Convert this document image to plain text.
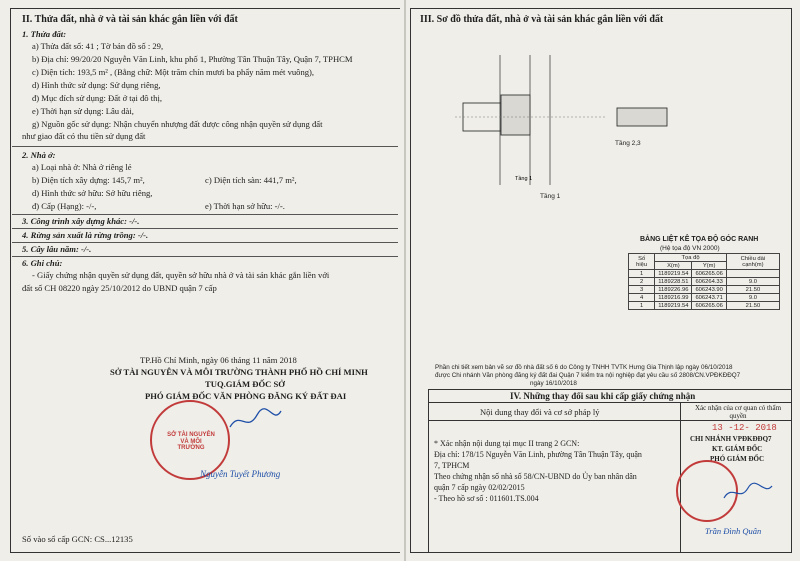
II. Thửa đất, nhà ở và tài sản khác gắn liền với đất
1. Thửa đất:
a) Thửa đất số: 41 ; Tờ bản đồ số : 29,
b) Địa chỉ: 99/20/20 Nguyễn Văn Linh, khu phố 1, Phường Tân Thuận Tây, Quận 7, TPHCM
c) Diện tích: 193,5 m² , (Bằng chữ: Một trăm chín mươi ba phẩy năm mét vuông),
d) Hình thức sử dụng: Sử dụng riêng,
đ) Mục đích sử dụng: Đất ở tại đô thị,
e) Thời hạn sử dụng: Lâu dài,
g) Nguồn gốc sử dụng: Nhận chuyển nhượng đất được công nhận quyền sử dụng đất
như giao đất có thu tiền sử dụng đất
2. Nhà ở:
a) Loại nhà ở: Nhà ở riêng lẻ
b) Diện tích xây dựng: 145,7 m²,	c) Diện tích sàn: 441,7 m²,
d) Hình thức sở hữu: Sở hữu riêng,
đ) Cấp (Hạng): -/-,	e) Thời hạn sở hữu: -/-.
3. Công trình xây dựng khác: -/-.
4. Rừng sản xuất là rừng trồng: -/-.
5. Cây lâu năm: -/-.
6. Ghi chú:
- Giấy chứng nhận quyền sử dụng đất, quyền sở hữu nhà ở và tài sản khác gắn liền với
đất số CH 08220 ngày 25/10/2012 do UBND quận 7 cấp
TP.Hồ Chí Minh, ngày 06 tháng 11 năm 2018
SỞ TÀI NGUYÊN VÀ MÔI TRƯỜNG THÀNH PHỐ HỒ CHÍ MINH
TUQ.GIÁM ĐỐC SỞ
PHÓ GIÁM ĐỐC VĂN PHÒNG ĐĂNG KÝ ĐẤT ĐAI
SỞ TÀI NGUYÊN VÀ MÔI TRƯỜNG
Nguyễn Tuyết Phương
Số vào sổ cấp GCN: CS...12135
III. Sơ đồ thửa đất, nhà ở và tài sản khác gắn liền với đất
Tầng 1
Tầng 1
Tầng 2,3
BẢNG LIỆT KÊ TỌA ĐỘ GÓC RANH
(Hệ tọa độ VN 2000)
Số hiệu	Tọa độ		Chiều dài cạnh(m)
	X(m)	Y(m)	
1	1189219.54	606265.06	
2	1189228.51	606264.33	9.0
3	1189226.96	606243.90	21.50
4	1189216.99	606243.71	9.0
1	1189219.54	606265.06	21.50
Phần chi tiết xem bản vẽ sơ đồ nhà đất số 6 do Công ty TNHH TVTK Hưng Gia Thịnh lập ngày 06/10/2018
được Chi nhánh Văn phòng đăng ký đất đai Quận 7 kiểm tra nội nghiệp đạt yêu cầu số 2808/CN.VPĐKĐĐQ7
ngày 16/10/2018
IV. Những thay đổi sau khi cấp giấy chứng nhận
Nội dung thay đổi và cơ sở pháp lý	Xác nhận của cơ quan có thẩm quyền
* Xác nhận nội dung tại mục II trang 2 GCN:
Địa chỉ: 178/15 Nguyễn Văn Linh, phường Tân Thuận Tây, quận
7, TPHCM
Theo chứng nhận số nhà số 58/CN-UBND do Ủy ban nhân dân
quận 7 cấp ngày 02/02/2015
- Theo hồ sơ số : 011601.TS.004
13 -12- 2018
CHI NHÁNH VPĐKĐĐQ7
KT. GIÁM ĐỐC
PHÓ GIÁM ĐỐC
Trần Đình Quân
